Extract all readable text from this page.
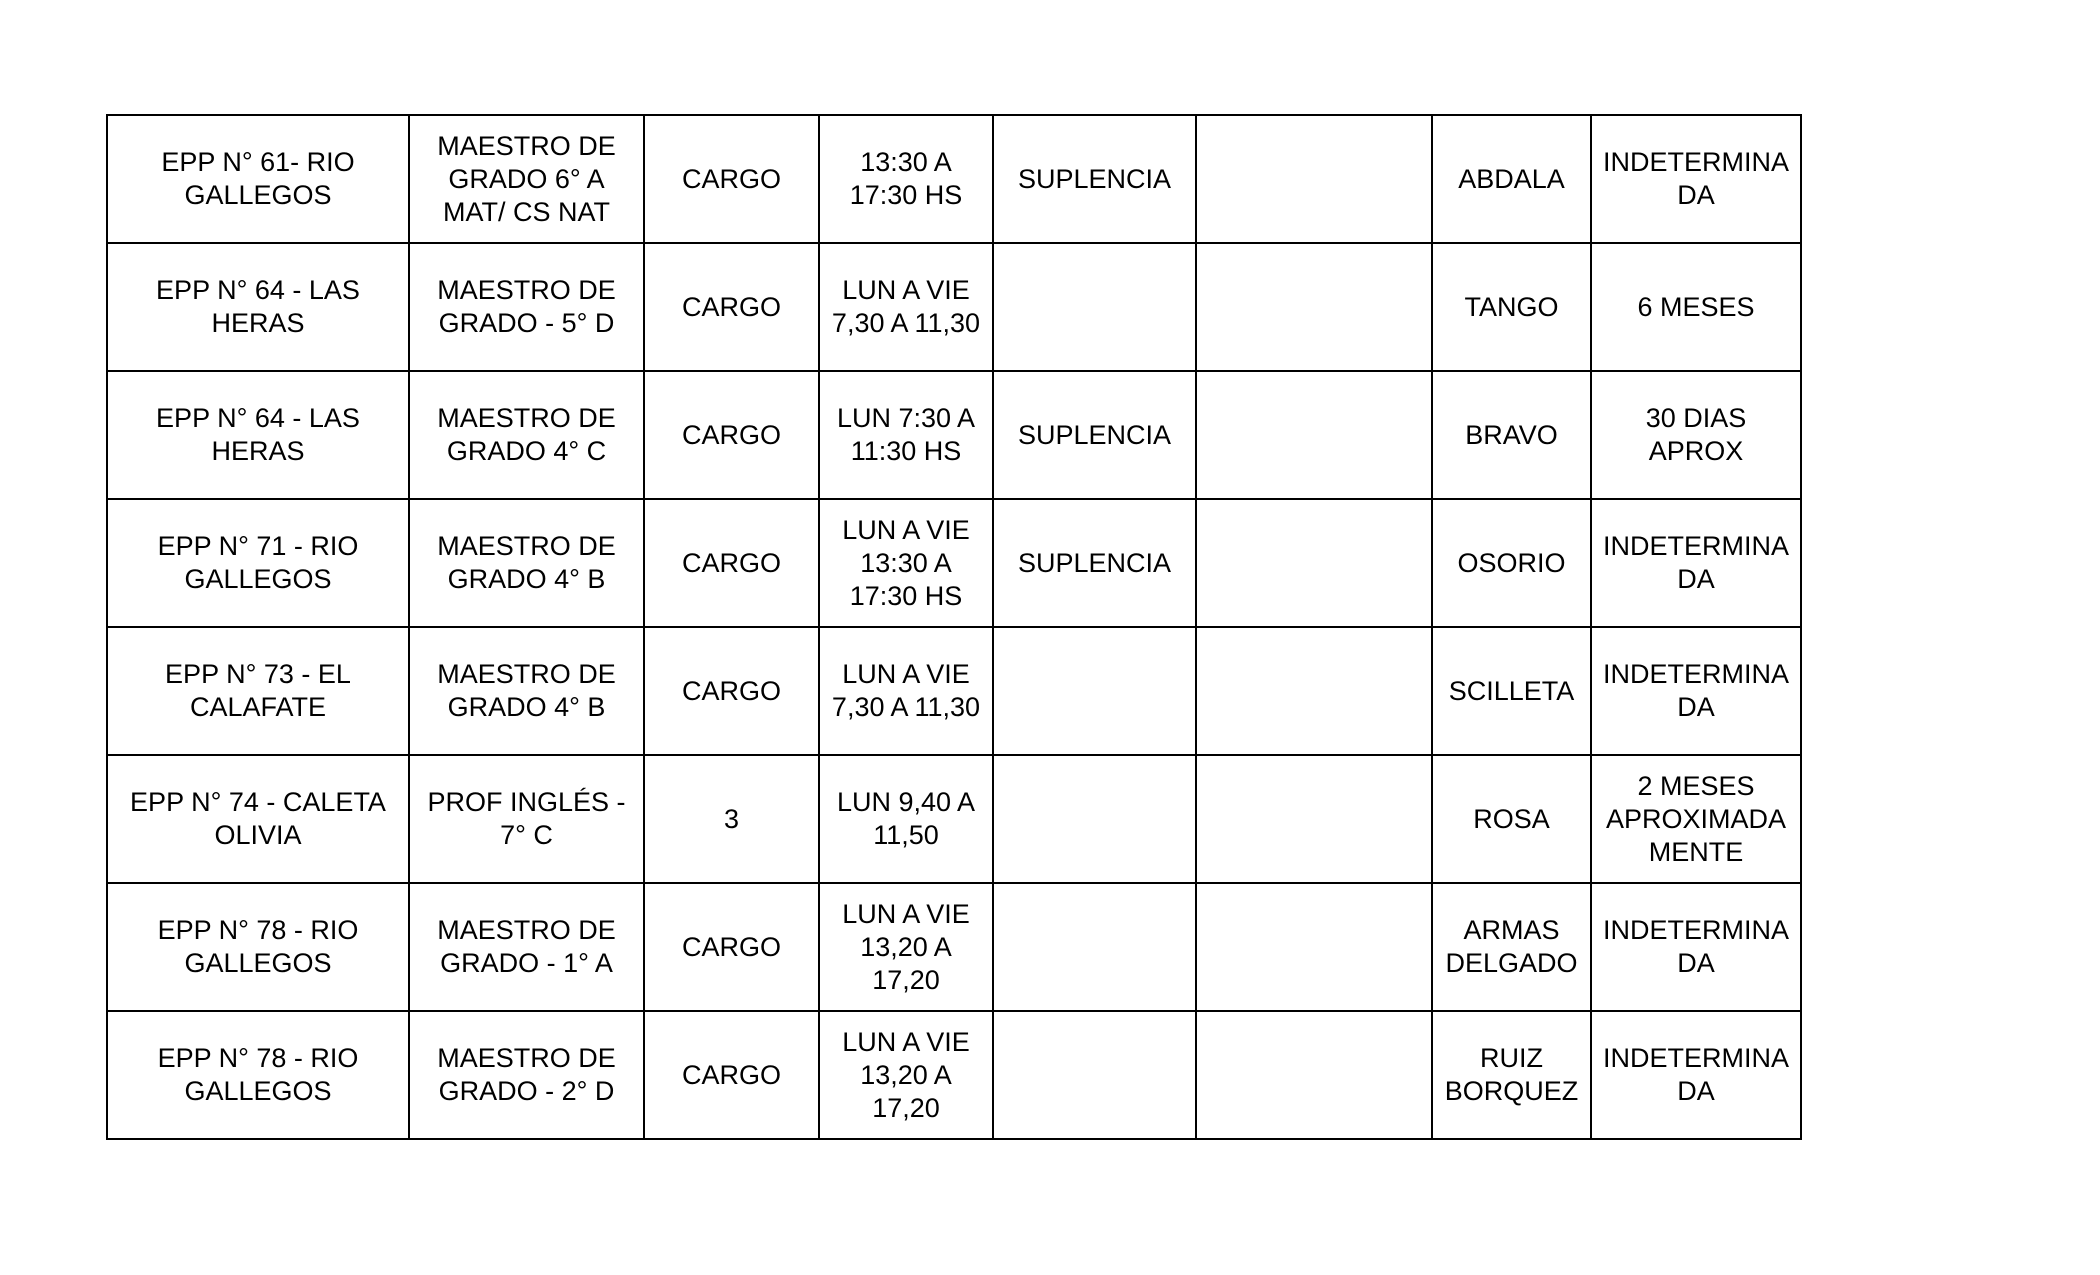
EPP N° 61- RIO
GALLEGOS	MAESTRO DE
GRADO 6° A
MAT/ CS NAT	CARGO	13:30 A
17:30 HS	SUPLENCIA		ABDALA	INDETERMINA
DA
EPP N° 64 - LAS
HERAS	MAESTRO DE
GRADO - 5° D	CARGO	LUN A VIE
7,30 A 11,30			TANGO	6 MESES
EPP N° 64 - LAS
HERAS	MAESTRO DE
GRADO 4° C	CARGO	LUN 7:30 A
11:30 HS	SUPLENCIA		BRAVO	30 DIAS
APROX
EPP N° 71 - RIO
GALLEGOS	MAESTRO DE
GRADO 4° B	CARGO	LUN A VIE
13:30 A
17:30 HS	SUPLENCIA		OSORIO	INDETERMINA
DA
EPP N° 73 - EL
CALAFATE	MAESTRO DE
GRADO 4° B	CARGO	LUN A VIE
7,30 A 11,30			SCILLETA	INDETERMINA
DA
EPP N° 74 - CALETA
OLIVIA	PROF INGLÉS -
7° C	3	LUN 9,40 A
11,50			ROSA	2 MESES
APROXIMADA
MENTE
EPP N° 78 - RIO
GALLEGOS	MAESTRO DE
GRADO - 1° A	CARGO	LUN A VIE
13,20 A
17,20			ARMAS
DELGADO	INDETERMINA
DA
EPP N° 78 - RIO
GALLEGOS	MAESTRO DE
GRADO - 2° D	CARGO	LUN A VIE
13,20 A
17,20			RUIZ
BORQUEZ	INDETERMINA
DA
